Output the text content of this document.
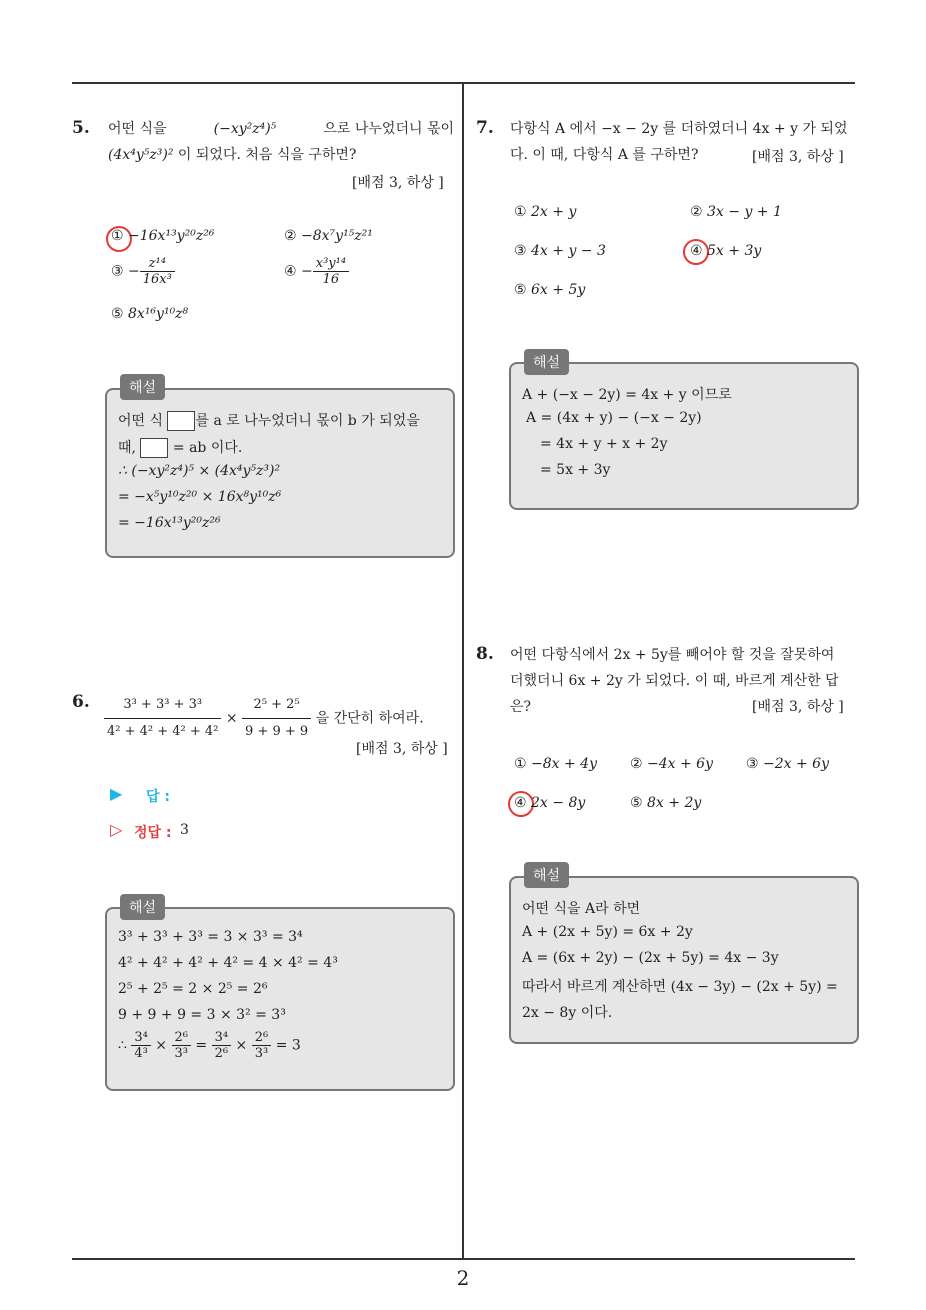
2
5. 어떤 식을	(−xy²z⁴)⁵	으로 나누었더니 몫이
(4x⁴y⁵z³)² 이 되었다. 처음 식을 구하면?
[배점 3, 하상 ]
① −16x¹³y²⁰z²⁶	② −8x⁷y¹⁵z²¹
③ − $\frac{\text{z¹⁴}}{\text{16x³}}$	④ − $\frac{\text{x³y¹⁴}}{16}$
⑤ 8x¹⁶y¹⁰z⁸
해설
어떤 식 를 a 로 나누었더니 몫이 b 가 되었을
때,	= ab 이다.
∴ (−xy²z⁴)⁵ × (4x⁴y⁵z³)²
= −x⁵y¹⁰z²⁰ × 16x⁸y¹⁰z⁶
= −16x¹³y²⁰z²⁶
6. $\frac{\text{3³ + 3³ + 3³}}{\text{4² + 4² + 4² + 4²}} \times \frac{\text{2⁵ + 2⁵}}{9 + 9 + 9}$ 을 간단히 하여라.
[배점 3, 하상 ]
▶ 답 :
▷ 정답 : 3
해설
3³ + 3³ + 3³ = 3 × 3³ = 3⁴
4² + 4² + 4² + 4² = 4 × 4² = 4³
2⁵ + 2⁵ = 2 × 2⁵ = 2⁶
9 + 9 + 9 = 3 × 3² = 3³
∴ $\frac{\text{3⁴}}{\text{4³}} \times \frac{\text{2⁶}}{\text{3³}} = \frac{\text{3⁴}}{\text{2⁶}} \times \frac{\text{2⁶}}{\text{3³}} = 3$
7. 다항식 A 에서 −x − 2y 를 더하였더니 4x + y 가 되었
다. 이 때, 다항식 A 를 구하면?	[배점 3, 하상 ]
① 2x + y	② 3x − y + 1
③ 4x + y − 3	④ 5x + 3y
⑤ 6x + 5y
해설
A + (−x − 2y) = 4x + y 이므로
A = (4x + y) − (−x − 2y)
= 4x + y + x + 2y
= 5x + 3y
8. 어떤 다항식에서 2x + 5y를 빼어야 할 것을 잘못하여
더했더니 6x + 2y 가 되었다. 이 때, 바르게 계산한 답
은?	[배점 3, 하상 ]
① −8x + 4y ② −4x + 6y ③ −2x + 6y
④ 2x − 8y	⑤ 8x + 2y
해설
어떤 식을 A라 하면
A + (2x + 5y) = 6x + 2y
A = (6x + 2y) − (2x + 5y) = 4x − 3y
따라서 바르게 계산하면 (4x − 3y) − (2x + 5y) =
2x − 8y 이다.
